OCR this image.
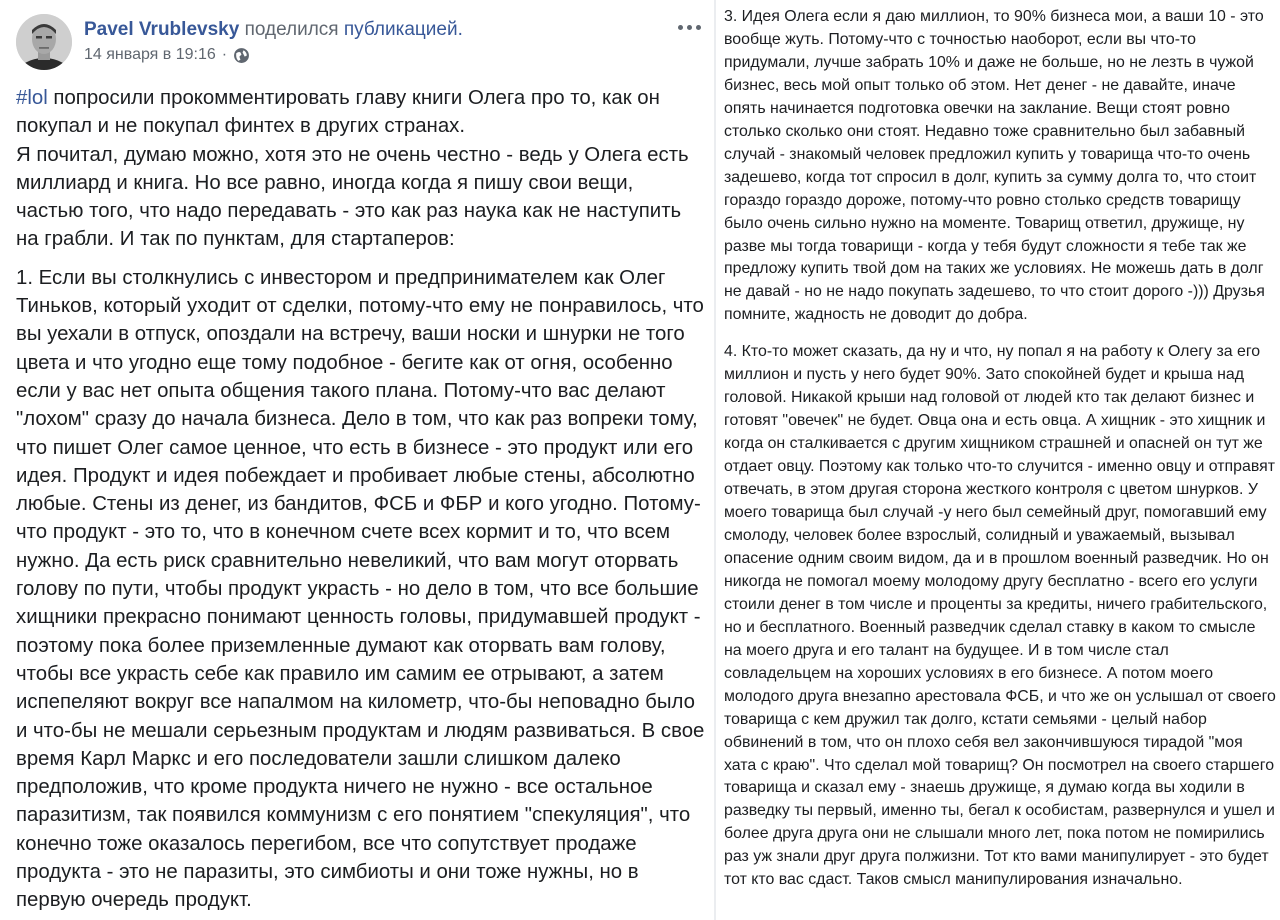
Pavel Vrublevsky поделился публикацией.
14 января в 19:16 ·

#lol попросили прокомментировать главу книги Олега про то, как он покупал и не покупал финтех в других странах.
Я почитал, думаю можно, хотя это не очень честно - ведь у Олега есть миллиард и книга. Но все равно, иногда когда я пишу свои вещи, частью того, что надо передавать - это как раз наука как не наступить на грабли. И так по пунктам, для стартаперов:

1. Если вы столкнулись с инвестором и предпринимателем как Олег Тиньков, который уходит от сделки, потому-что ему не понравилось, что вы уехали в отпуск, опоздали на встречу, ваши носки и шнурки не того цвета и что угодно еще тому подобное - бегите как от огня, особенно если у вас нет опыта общения такого плана. Потому-что вас делают "лохом" сразу до начала бизнеса. Дело в том, что как раз вопреки тому, что пишет Олег самое ценное, что есть в бизнесе - это продукт или его идея. Продукт и идея побеждает и пробивает любые стены, абсолютно любые. Стены из денег, из бандитов, ФСБ и ФБР и кого угодно. Потому-что продукт - это то, что в конечном счете всех кормит и то, что всем нужно. Да есть риск сравнительно невеликий, что вам могут оторвать голову по пути, чтобы продукт украсть - но дело в том, что все большие хищники прекрасно понимают ценность головы, придумавшей продукт - поэтому пока более приземленные думают как оторвать вам голову, чтобы все украсть себе как правило им самим ее отрывают, а затем испепеляют вокруг все напалмом на километр, что-бы неповадно было и что-бы не мешали серьезным продуктам и людям развиваться. В свое время Карл Маркс и его последователи зашли слишком далеко предположив, что кроме продукта ничего не нужно - все остальное паразитизм, так появился коммунизм с его понятием "спекуляция", что конечно тоже оказалось перегибом, все что сопутствует продаже продукта - это не паразиты, это симбиоты и они тоже нужны, но в первую очередь продукт.

3. Идея Олега если я даю миллион, то 90% бизнеса мои, а ваши 10 - это вообще жуть. Потому-что с точностью наоборот, если вы что-то придумали, лучше забрать 10% и даже не больше, но не лезть в чужой бизнес, весь мой опыт только об этом. Нет денег - не давайте, иначе опять начинается подготовка овечки на заклание. Вещи стоят ровно столько сколько они стоят. Недавно тоже сравнительно был забавный случай - знакомый человек предложил купить у товарища что-то очень задешево, когда тот спросил в долг, купить за сумму долга то, что стоит гораздо гораздо дороже, потому-что ровно столько средств товарищу было очень сильно нужно на моменте. Товарищ ответил, дружище, ну разве мы тогда товарищи - когда у тебя будут сложности я тебе так же предложу купить твой дом на таких же условиях. Не можешь дать в долг не давай - но не надо покупать задешево, то что стоит дорого -))) Друзья помните, жадность не доводит до добра.

4. Кто-то может сказать, да ну и что, ну попал я на работу к Олегу за его миллион и пусть у него будет 90%. Зато спокойней будет и крыша над головой. Никакой крыши над головой от людей кто так делают бизнес и готовят "овечек" не будет. Овца она и есть овца. А хищник - это хищник и когда он сталкивается с другим хищником страшней и опасней он тут же отдает овцу. Поэтому как только что-то случится - именно овцу и отправят отвечать, в этом другая сторона жесткого контроля с цветом шнурков. У моего товарища был случай -у него был семейный друг, помогавший ему смолоду, человек более взрослый, солидный и уважаемый, вызывал опасение одним своим видом, да и в прошлом военный разведчик. Но он никогда не помогал моему молодому другу бесплатно - всего его услуги стоили денег в том числе и проценты за кредиты, ничего грабительского, но и бесплатного. Военный разведчик сделал ставку в каком то смысле на моего друга и его талант на будущее. И в том числе стал совладельцем на хороших условиях в его бизнесе. А потом моего молодого друга внезапно арестовала ФСБ, и что же он услышал от своего товарища с кем дружил так долго, кстати семьями - целый набор обвинений в том, что он плохо себя вел закончившуюся тирадой "моя хата с краю". Что сделал мой товарищ? Он посмотрел на своего старшего товарища и сказал ему - знаешь дружище, я думаю когда вы ходили в разведку ты первый, именно ты, бегал к особистам, развернулся и ушел и более друга друга они не слышали много лет, пока потом не помирились раз уж знали друг друга полжизни. Тот кто вами манипулирует - это будет тот кто вас сдаст. Таков смысл манипулирования изначально.
